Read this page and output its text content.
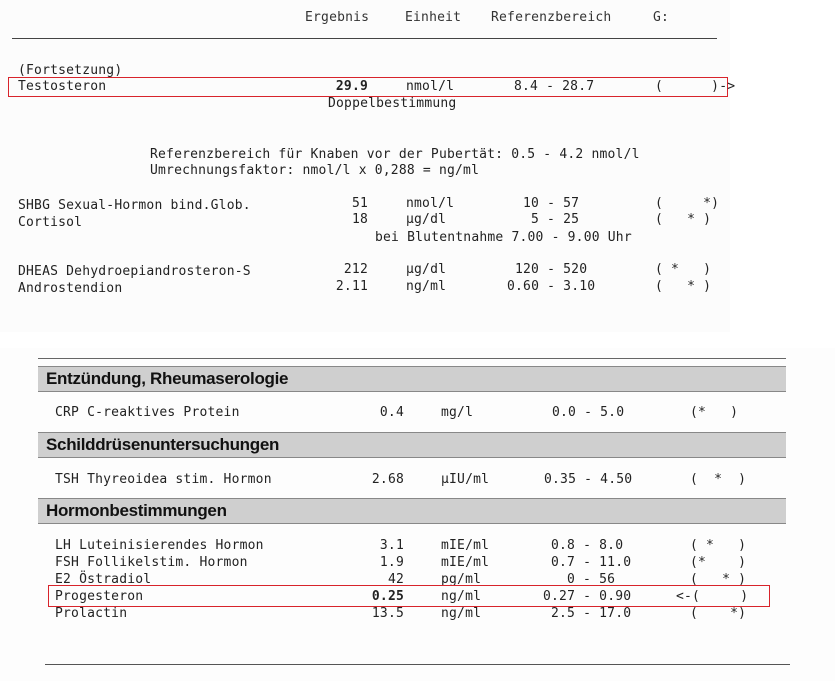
Ergebnis	Einheit Referenzbereich	G:
(Fortsetzung)
Testosteron	29.9	nmol/l	8.4 - 28.7	(      )->
Doppelbestimmung
Referenzbereich für Knaben vor der Pubertät: 0.5 - 4.2 nmol/l
Umrechnungsfaktor: nmol/l x 0,288 = ng/ml
SHBG Sexual-Hormon bind.Glob.	51	nmol/l	10 - 57	(     *)
Cortisol	18	µg/dl	5 - 25	(   * )
bei Blutentnahme 7.00 - 9.00 Uhr
DHEAS Dehydroepiandrosteron-S	212	µg/dl	120 - 520	( *   )
Androstendion	2.11	ng/ml	0.60 - 3.10	(   * )
Entzündung, Rheumaserologie
CRP C-reaktives Protein	0.4	mg/l	0.0 - 5.0	(*   )
Schilddrüsenuntersuchungen
TSH Thyreoidea stim. Hormon	2.68	µIU/ml	0.35 - 4.50	(  *  )
Hormonbestimmungen
LH Luteinisierendes Hormon	3.1	mIE/ml	0.8 - 8.0	( *   )
FSH Follikelstim. Hormon	1.9	mIE/ml	0.7 - 11.0	(*    )
E2 Östradiol	42	pg/ml	0 - 56	(   * )
Progesteron	0.25	ng/ml	0.27 - 0.90	<-(     )
Prolactin	13.5	ng/ml	2.5 - 17.0	(    *)
